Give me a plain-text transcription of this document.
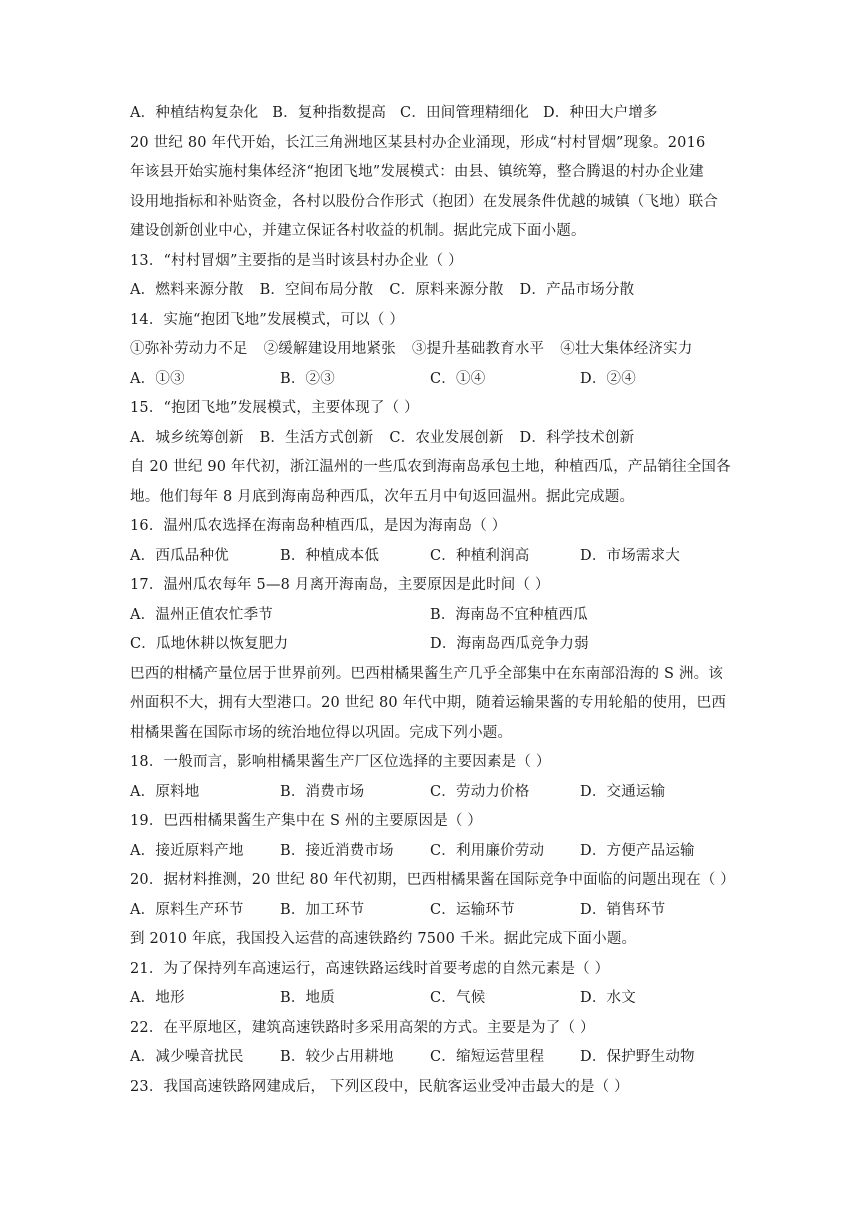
A．种植结构复杂化 B．复种指数提高 C．田间管理精细化 D．种田大户增多
20 世纪 80 年代开始，长江三角洲地区某县村办企业涌现，形成“村村冒烟”现象。2016
年该县开始实施村集体经济“抱团飞地”发展模式：由县、镇统筹，整合腾退的村办企业建
设用地指标和补贴资金，各村以股份合作形式（抱团）在发展条件优越的城镇（飞地）联合
建设创新创业中心，并建立保证各村收益的机制。据此完成下面小题。
13．“村村冒烟”主要指的是当时该县村办企业（ ）
A．燃料来源分散 B．空间布局分散 C．原料来源分散 D．产品市场分散
14．实施“抱团飞地”发展模式，可以（ ）
①弥补劳动力不足 ②缓解建设用地紧张 ③提升基础教育水平 ④壮大集体经济实力
A．①③	B．②③	C．①④	D．②④
15．“抱团飞地”发展模式，主要体现了（ ）
A．城乡统筹创新 B．生活方式创新 C．农业发展创新 D．科学技术创新
自 20 世纪 90 年代初，浙江温州的一些瓜农到海南岛承包土地，种植西瓜，产品销往全国各
地。他们每年 8 月底到海南岛种西瓜，次年五月中旬返回温州。据此完成题。
16．温州瓜农选择在海南岛种植西瓜，是因为海南岛（ ）
A．西瓜品种优	B．种植成本低	C．种植利润高	D．市场需求大
17．温州瓜农每年 5—8 月离开海南岛，主要原因是此时间（ ）
A．温州正值农忙季节	B．海南岛不宜种植西瓜
C．瓜地休耕以恢复肥力	D．海南岛西瓜竞争力弱
巴西的柑橘产量位居于世界前列。巴西柑橘果酱生产几乎全部集中在东南部沿海的 S 洲。该
州面积不大，拥有大型港口。20 世纪 80 年代中期，随着运输果酱的专用轮船的使用，巴西
柑橘果酱在国际市场的统治地位得以巩固。完成下列小题。
18．一般而言，影响柑橘果酱生产厂区位选择的主要因素是（ ）
A．原料地	B．消费市场	C．劳动力价格	D．交通运输
19．巴西柑橘果酱生产集中在 S 州的主要原因是（ ）
A．接近原料产地	B．接近消费市场	C．利用廉价劳动	D．方便产品运输
20．据材料推测，20 世纪 80 年代初期，巴西柑橘果酱在国际竞争中面临的问题出现在（ ）
A．原料生产环节	B．加工环节	C．运输环节	D．销售环节
到 2010 年底，我国投入运营的高速铁路约 7500 千米。据此完成下面小题。
21．为了保持列车高速运行，高速铁路运线时首要考虑的自然元素是（ ）
A．地形	B．地质	C．气候	D．水文
22．在平原地区，建筑高速铁路时多采用高架的方式。主要是为了（ ）
A．减少噪音扰民	B．较少占用耕地	C．缩短运营里程	D．保护野生动物
23．我国高速铁路网建成后， 下列区段中，民航客运业受冲击最大的是（ ）
